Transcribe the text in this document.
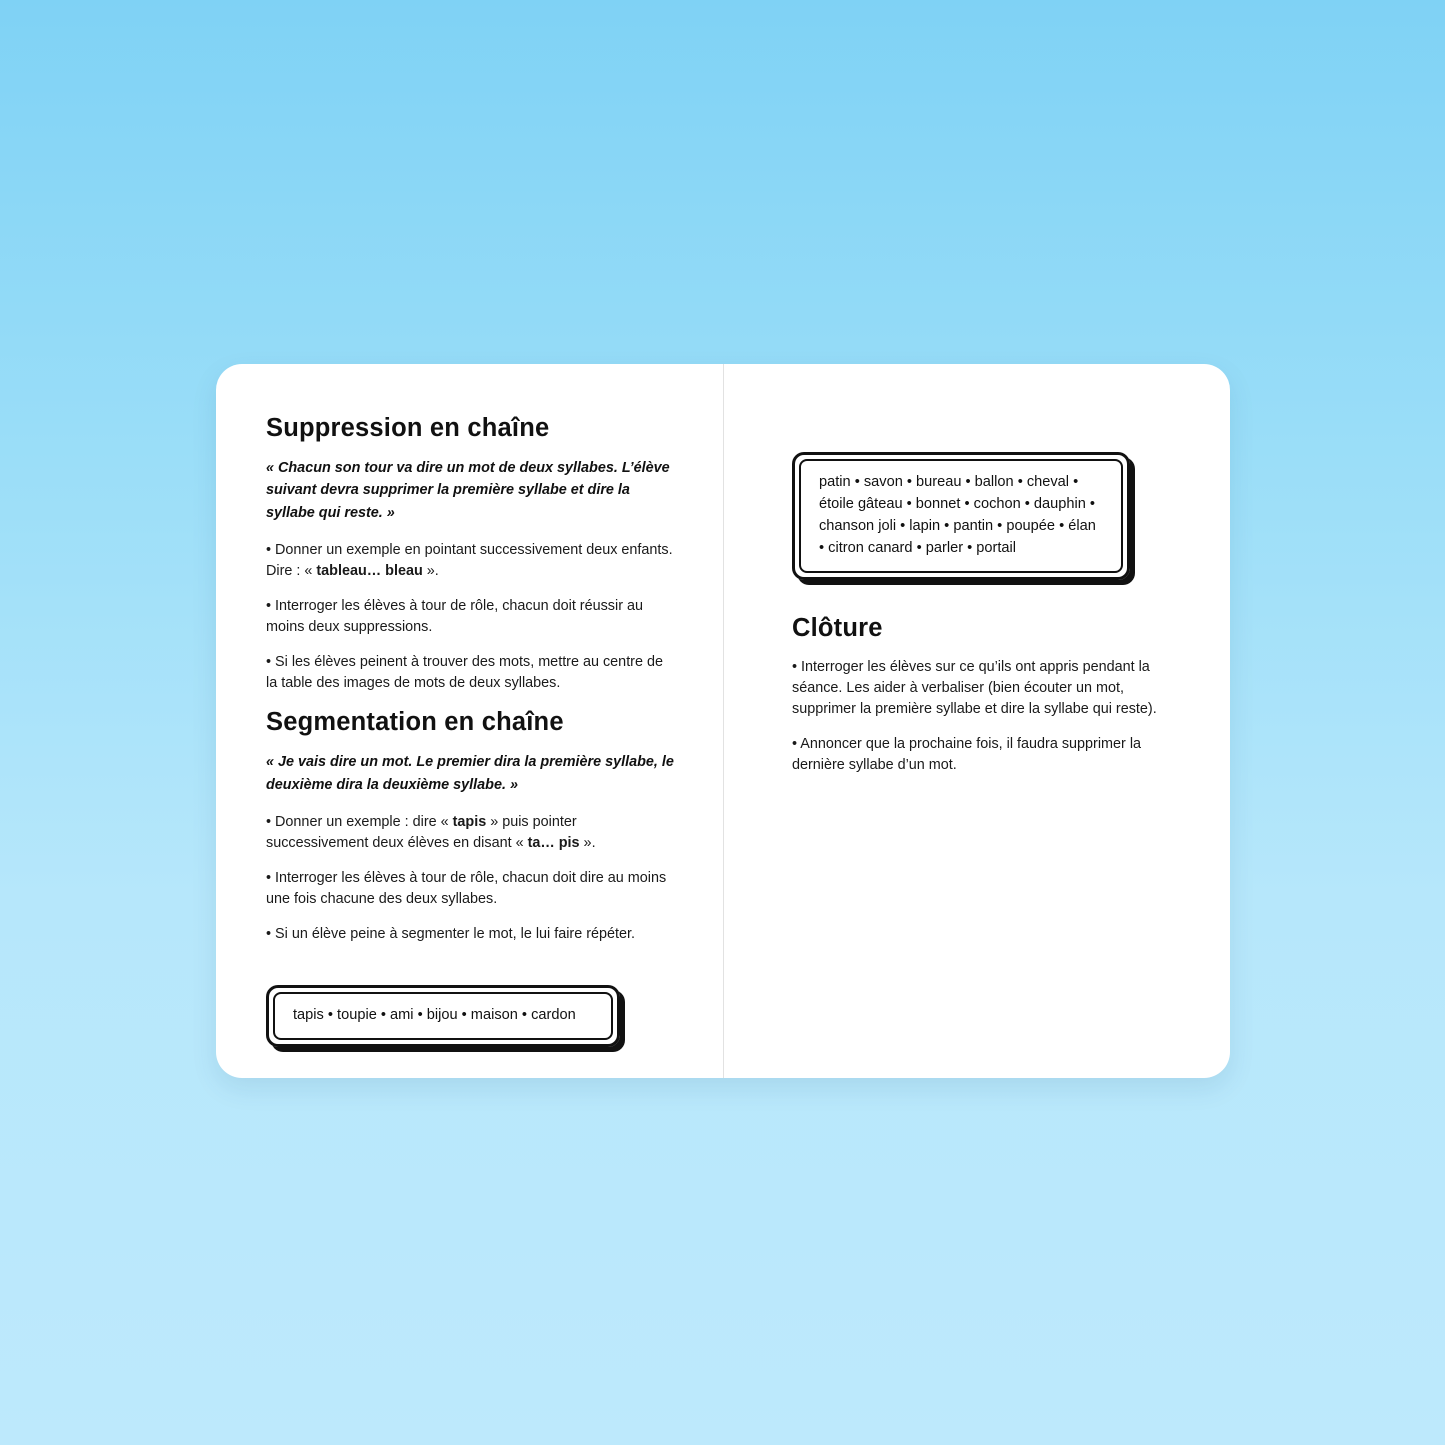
Suppression en chaîne

« Chacun son tour va dire un mot de deux syllabes. L’élève suivant devra supprimer la première syllabe et dire la syllabe qui reste. »

• Donner un exemple en pointant successivement deux enfants. Dire : « tableau… bleau ».

• Interroger les élèves à tour de rôle, chacun doit réussir au moins deux suppressions.

• Si les élèves peinent à trouver des mots, mettre au centre de la table des images de mots de deux syllabes.

Segmentation en chaîne

« Je vais dire un mot. Le premier dira la première syllabe, le deuxième dira la deuxième syllabe. »

• Donner un exemple : dire « tapis » puis pointer successivement deux élèves en disant « ta… pis ».

• Interroger les élèves à tour de rôle, chacun doit dire au moins une fois chacune des deux syllabes.

• Si un élève peine à segmenter le mot, le lui faire répéter.

tapis • toupie • ami • bijou • maison • cardon
patin • savon • bureau • ballon • cheval • étoile gâteau • bonnet • cochon • dauphin • chanson joli • lapin • pantin • poupée • élan • citron canard • parler • portail
Clôture

• Interroger les élèves sur ce qu’ils ont appris pendant la séance. Les aider à verbaliser (bien écouter un mot, supprimer la première syllabe et dire la syllabe qui reste).

• Annoncer que la prochaine fois, il faudra supprimer la dernière syllabe d’un mot.
